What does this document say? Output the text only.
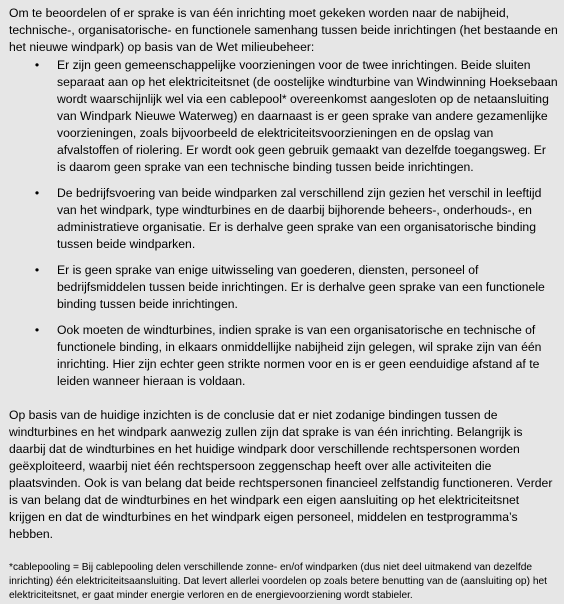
Om te beoordelen of er sprake is van één inrichting moet gekeken worden naar de nabijheid, technische-, organisatorische- en functionele samenhang tussen beide inrichtingen (het bestaande en het nieuwe windpark) op basis van de Wet milieubeheer:

• Er zijn geen gemeenschappelijke voorzieningen voor de twee inrichtingen. Beide sluiten separaat aan op het elektriciteitsnet (de oostelijke windturbine van Windwinning Hoeksebaan wordt waarschijnlijk wel via een cablepool* overeenkomst aangesloten op de netaansluiting van Windpark Nieuwe Waterweg) en daarnaast is er geen sprake van andere gezamenlijke voorzieningen, zoals bijvoorbeeld de elektriciteitsvoorzieningen en de opslag van afvalstoffen of riolering. Er wordt ook geen gebruik gemaakt van dezelfde toegangsweg. Er is daarom geen sprake van een technische binding tussen beide inrichtingen.
• De bedrijfsvoering van beide windparken zal verschillend zijn gezien het verschil in leeftijd van het windpark, type windturbines en de daarbij bijhorende beheers-, onderhouds-, en administratieve organisatie. Er is derhalve geen sprake van een organisatorische binding tussen beide windparken.
• Er is geen sprake van enige uitwisseling van goederen, diensten, personeel of bedrijfsmiddelen tussen beide inrichtingen. Er is derhalve geen sprake van een functionele binding tussen beide inrichtingen.
• Ook moeten de windturbines, indien sprake is van een organisatorische en technische of functionele binding, in elkaars onmiddellijke nabijheid zijn gelegen, wil sprake zijn van één inrichting. Hier zijn echter geen strikte normen voor en is er geen eenduidige afstand af te leiden wanneer hieraan is voldaan.

Op basis van de huidige inzichten is de conclusie dat er niet zodanige bindingen tussen de windturbines en het windpark aanwezig zullen zijn dat sprake is van één inrichting. Belangrijk is daarbij dat de windturbines en het huidige windpark door verschillende rechtspersonen worden geëxploiteerd, waarbij niet één rechtspersoon zeggenschap heeft over alle activiteiten die plaatsvinden. Ook is van belang dat beide rechtspersonen financieel zelfstandig functioneren. Verder is van belang dat de windturbines en het windpark een eigen aansluiting op het elektriciteitsnet krijgen en dat de windturbines en het windpark eigen personeel, middelen en testprogramma’s hebben.

*cablepooling = Bij cablepooling delen verschillende zonne- en/of windparken (dus niet deel uitmakend van dezelfde inrichting) één elektriciteitsaansluiting. Dat levert allerlei voordelen op zoals betere benutting van de (aansluiting op) het elektriciteitsnet, er gaat minder energie verloren en de energievoorziening wordt stabieler.
